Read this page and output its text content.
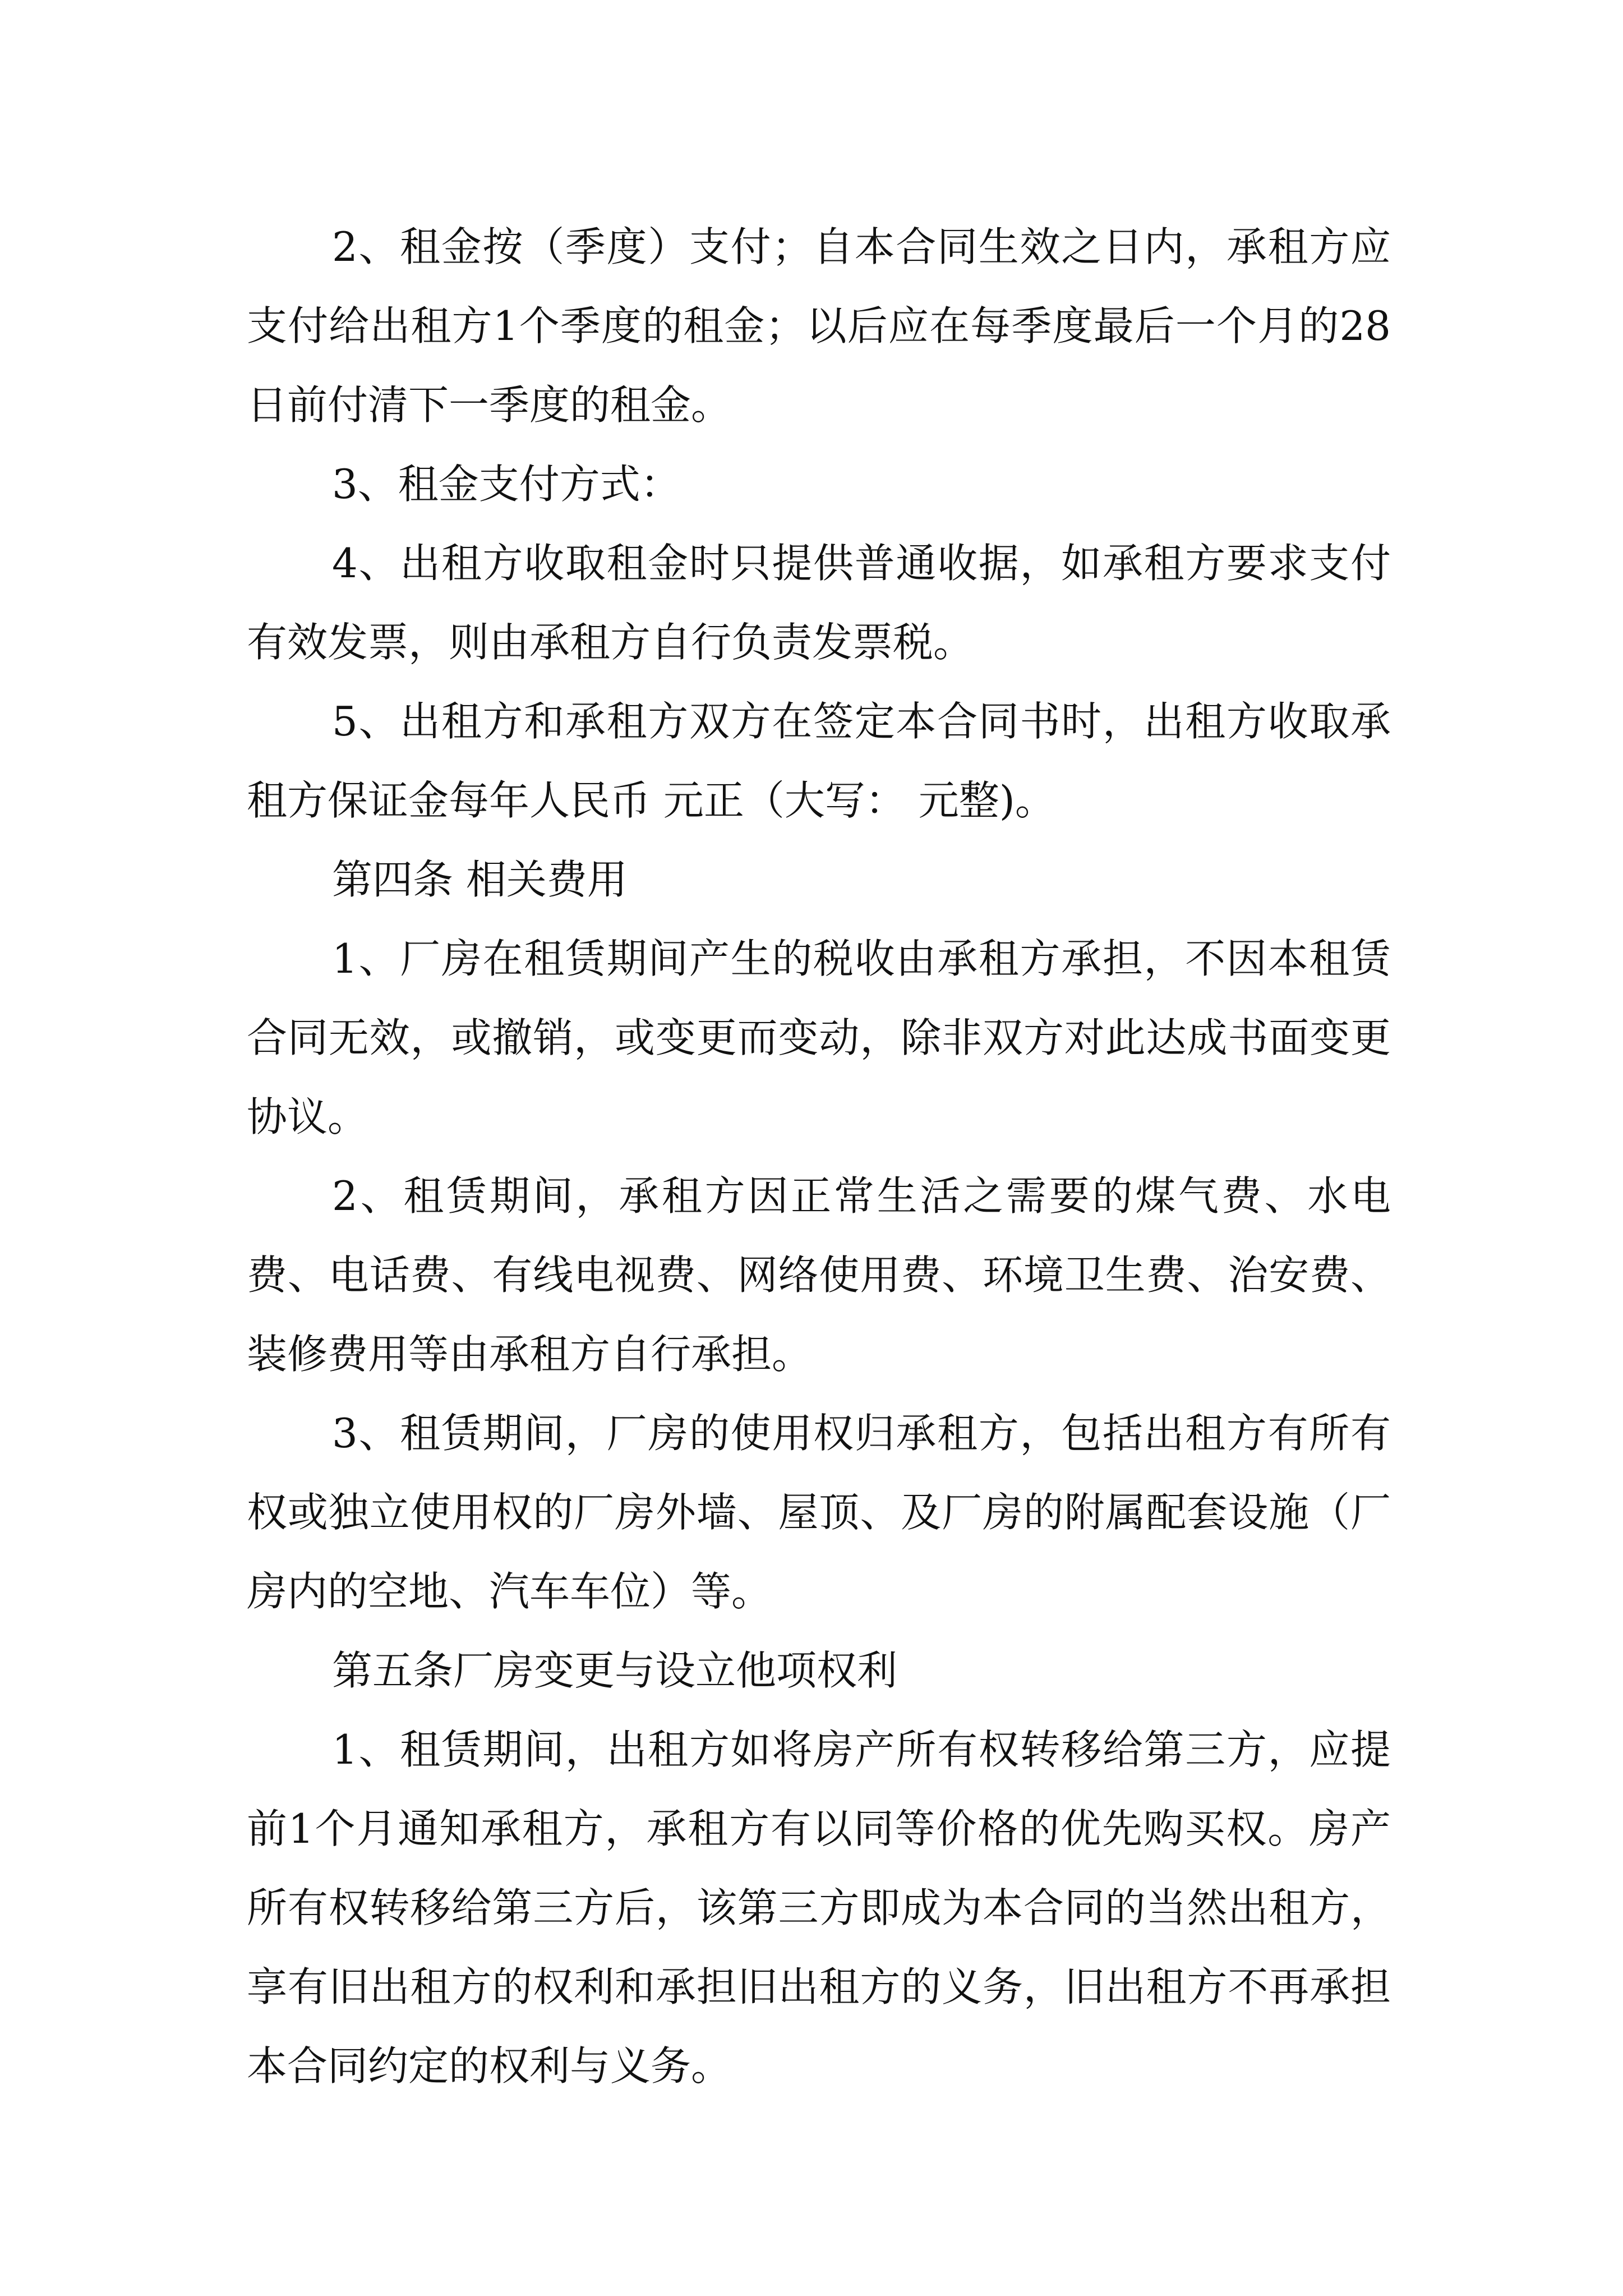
2、租金按（季度）支付；自本合同生效之日内，承租方应支付给出租方1个季度的租金；以后应在每季度最后一个月的28日前付清下一季度的租金。

3、租金支付方式：

4、出租方收取租金时只提供普通收据，如承租方要求支付有效发票，则由承租方自行负责发票税。

5、出租方和承租方双方在签定本合同书时，出租方收取承租方保证金每年人民币 元正（大写： 元整)。

第四条 相关费用

1、厂房在租赁期间产生的税收由承租方承担，不因本租赁合同无效，或撤销，或变更而变动，除非双方对此达成书面变更协议。

2、租赁期间，承租方因正常生活之需要的煤气费、水电费、电话费、有线电视费、网络使用费、环境卫生费、治安费、装修费用等由承租方自行承担。

3、租赁期间，厂房的使用权归承租方，包括出租方有所有权或独立使用权的厂房外墙、屋顶、及厂房的附属配套设施（厂房内的空地、汽车车位）等。

第五条厂房变更与设立他项权利

1、租赁期间，出租方如将房产所有权转移给第三方，应提前1个月通知承租方，承租方有以同等价格的优先购买权。房产所有权转移给第三方后，该第三方即成为本合同的当然出租方，享有旧出租方的权利和承担旧出租方的义务，旧出租方不再承担本合同约定的权利与义务。
